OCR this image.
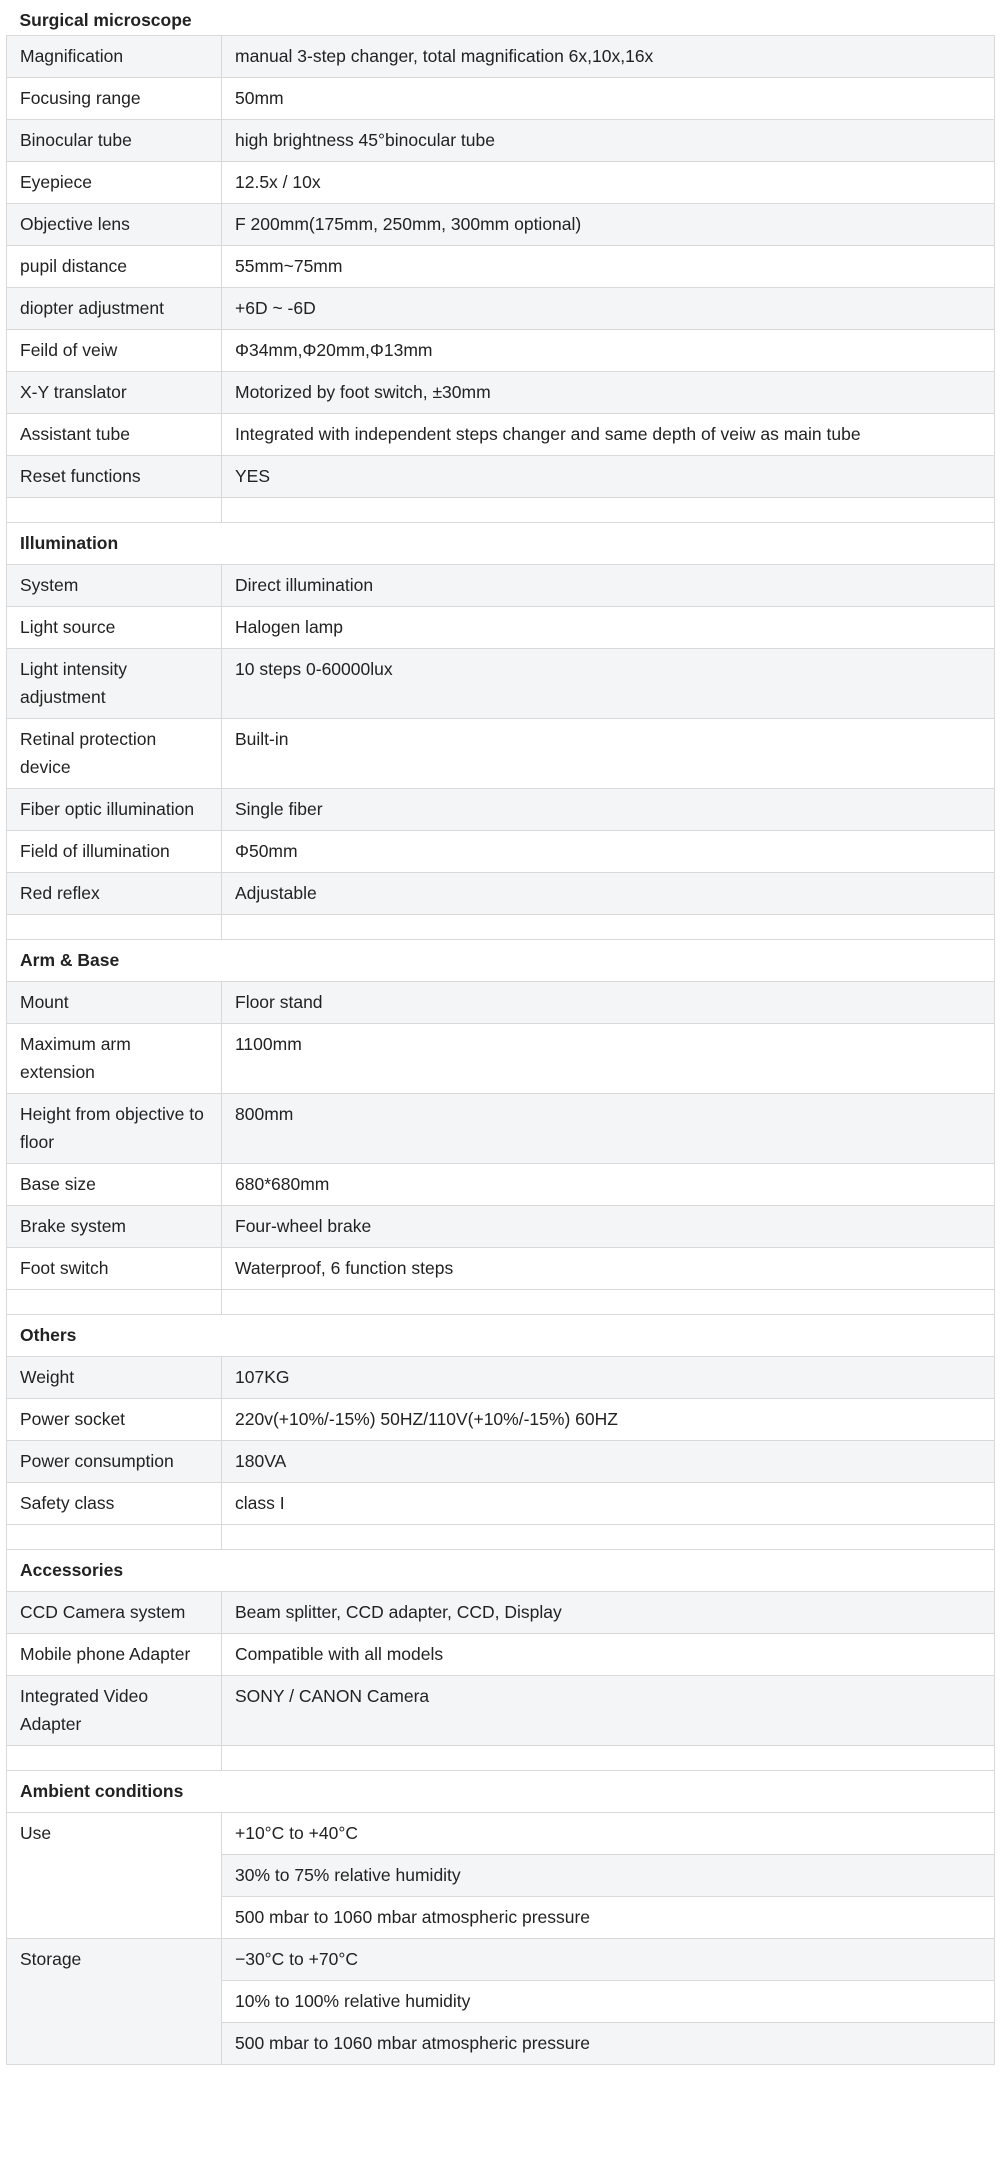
Surgical microscope	
Magnification	manual 3-step changer, total magnification 6x,10x,16x
Focusing range	50mm
Binocular tube	high brightness 45°binocular tube
Eyepiece	12.5x / 10x
Objective lens	F 200mm(175mm, 250mm, 300mm optional)
pupil distance	55mm~75mm
diopter adjustment	+6D ~ -6D
Feild of veiw	Φ34mm,Φ20mm,Φ13mm
X-Y translator	Motorized by foot switch, ±30mm
Assistant tube	Integrated with independent steps changer and same depth of veiw as main tube
Reset functions	YES

Illumination	
System	Direct illumination
Light source	Halogen lamp
Light intensity adjustment	10 steps 0-60000lux
Retinal protection device	Built-in
Fiber optic illumination	Single fiber
Field of illumination	Φ50mm
Red reflex	Adjustable

Arm & Base	
Mount	Floor stand
Maximum arm extension	1100mm
Height from objective to floor	800mm
Base size	680*680mm
Brake system	Four-wheel brake
Foot switch	Waterproof, 6 function steps

Others	
Weight	107KG
Power socket	220v(+10%/-15%) 50HZ/110V(+10%/-15%) 60HZ
Power consumption	180VA
Safety class	class I

Accessories	
CCD Camera system	Beam splitter, CCD adapter, CCD, Display
Mobile phone Adapter	Compatible with all models
Integrated Video Adapter	SONY / CANON Camera

Ambient conditions	
Use	+10°C to +40°C
	30% to 75% relative humidity
	500 mbar to 1060 mbar atmospheric pressure
Storage	−30°C to +70°C
	10% to 100% relative humidity
	500 mbar to 1060 mbar atmospheric pressure
